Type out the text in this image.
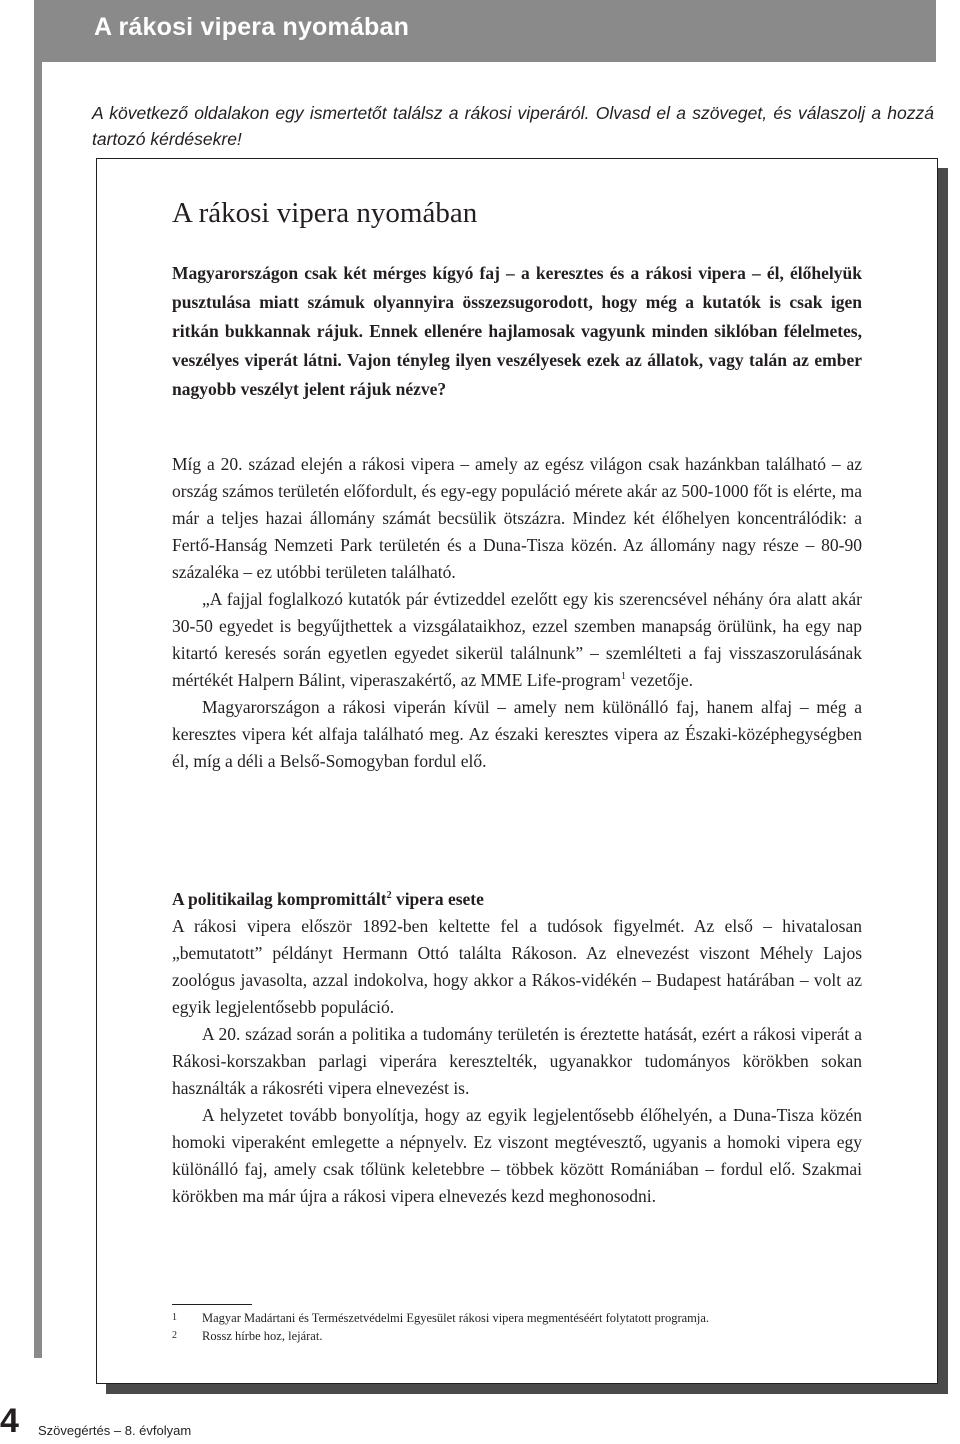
A rákosi vipera nyomában
A következő oldalakon egy ismertetőt találsz a rákosi viperáról. Olvasd el a szöveget, és válaszolj a hozzá tartozó kérdésekre!
A rákosi vipera nyomában
Magyarországon csak két mérges kígyó faj – a keresztes és a rákosi vipera – él, élőhelyük pusztulása miatt számuk olyannyira összezsugorodott, hogy még a kutatók is csak igen ritkán bukkannak rájuk. Ennek ellenére hajlamosak vagyunk minden siklóban félelmetes, veszélyes viperát látni. Vajon tényleg ilyen veszélyesek ezek az állatok, vagy talán az ember nagyobb veszélyt jelent rájuk nézve?

Míg a 20. század elején a rákosi vipera – amely az egész világon csak hazánkban található – az ország számos területén előfordult, és egy-egy populáció mérete akár az 500-1000 főt is elérte, ma már a teljes hazai állomány számát becsülik ötszázra. Mindez két élőhelyen koncentrálódik: a Fertő-Hanság Nemzeti Park területén és a Duna-Tisza közén. Az állomány nagy része – 80-90 százaléka – ez utóbbi területen található.

„A fajjal foglalkozó kutatók pár évtizeddel ezelőtt egy kis szerencsével néhány óra alatt akár 30-50 egyedet is begyűjthettek a vizsgálataikhoz, ezzel szemben manapság örülünk, ha egy nap kitartó keresés során egyetlen egyedet sikerül találnunk” – szemlélteti a faj visszaszorulásának mértékét Halpern Bálint, viperaszakértő, az MME Life-program$^1$ vezetője.

Magyarországon a rákosi viperán kívül – amely nem különálló faj, hanem alfaj – még a keresztes vipera két alfaja található meg. Az északi keresztes vipera az Északi-középhegységben él, míg a déli a Belső-Somogyban fordul elő.

A politikailag kompromittált$^2$ vipera esete

A rákosi vipera először 1892-ben keltette fel a tudósok figyelmét. Az első – hivatalosan „bemutatott” példányt Hermann Ottó találta Rákoson. Az elnevezést viszont Méhely Lajos zoológus javasolta, azzal indokolva, hogy akkor a Rákos-vidékén – Budapest határában – volt az egyik legjelentősebb populáció.

A 20. század során a politika a tudomány területén is éreztette hatását, ezért a rákosi viperát a Rákosi-korszakban parlagi viperára keresztelték, ugyanakkor tudományos körökben sokan használták a rákosréti vipera elnevezést is.

A helyzetet tovább bonyolítja, hogy az egyik legjelentősebb élőhelyén, a Duna-Tisza közén homoki viperaként emlegette a népnyelv. Ez viszont megtévesztő, ugyanis a homoki vipera egy különálló faj, amely csak tőlünk keletebbre – többek között Romániában – fordul elő. Szakmai körökben ma már újra a rákosi vipera elnevezés kezd meghonosodni.

1 Magyar Madártani és Természetvédelmi Egyesület rákosi vipera megmentéséért folytatott programja.
2 Rossz hírbe hoz, lejárat.
4 Szövegértés – 8. évfolyam
